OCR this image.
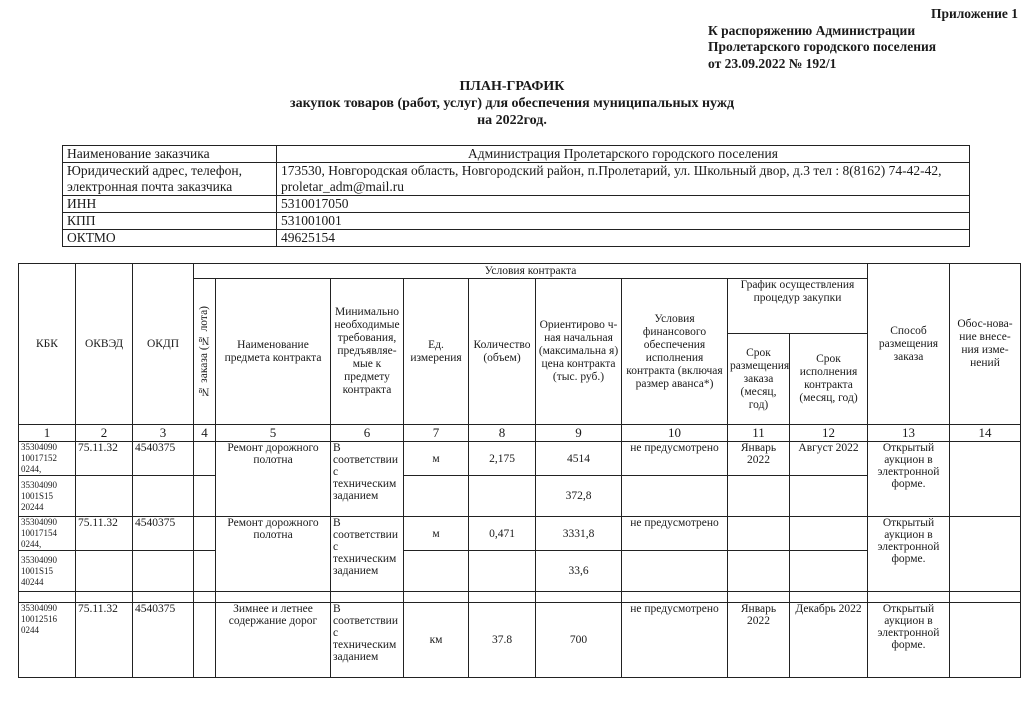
Приложение 1
К распоряжению Администрации
Пролетарского городского поселения
от 23.09.2022 № 192/1
ПЛАН-ГРАФИК
закупок товаров (работ, услуг) для обеспечения муниципальных нужд
на 2022год.
Наименование заказчика	Администрация Пролетарского городского поселения
Юридический адрес, телефон, электронная почта заказчика	173530, Новгородская область, Новгородский район, п.Пролетарий, ул. Школьный двор, д.3 тел : 8(8162) 74-42-42, proletar_adm@mail.ru
ИНН	5310017050
КПП	531001001
ОКТМО	49625154
КБК	ОКВЭД	ОКДП	Условия контракта									Способ размещения заказа	Обос-нова-ние внесе-ния изме-нений

			№ заказа (№ лота)	Наименование предмета контракта	Минимально необходимые требования, предъявляе-мые к предмету контракта	Ед. измерения	Количество (объем)	Ориентирово ч-ная начальная (максимальна я) цена контракта (тыс. руб.)	Условия финансового обеспечения исполнения контракта (включая размер аванса*)	График осуществления процедур закупки			
										Срок размещения заказа (месяц, год)	Срок исполнения контракта (месяц, год)		
1	2	3	4	5	6	7	8	9	10	11	12	13	14
35304090 10017152 0244,	75.11.32	4540375		Ремонт дорожного полотна	В соответствии с техническим заданием	м	2,175	4514	не предусмотрено	Январь 2022	Август 2022	Открытый аукцион в электронной форме.	
35304090 1001S15 20244								372,8					
35304090 10017154 0244,	75.11.32	4540375		Ремонт дорожного полотна	В соответствии с техническим заданием	м	0,471	3331,8	не предусмотрено			Открытый аукцион в электронной форме.	
35304090 1001S15 40244								33,6					

35304090 10012516 0244	75.11.32	4540375		Зимнее и летнее содержание дорог	В соответствии с техническим заданием	км	37.8	700	не предусмотрено	Январь 2022	Декабрь 2022	Открытый аукцион в электронной форме.	
